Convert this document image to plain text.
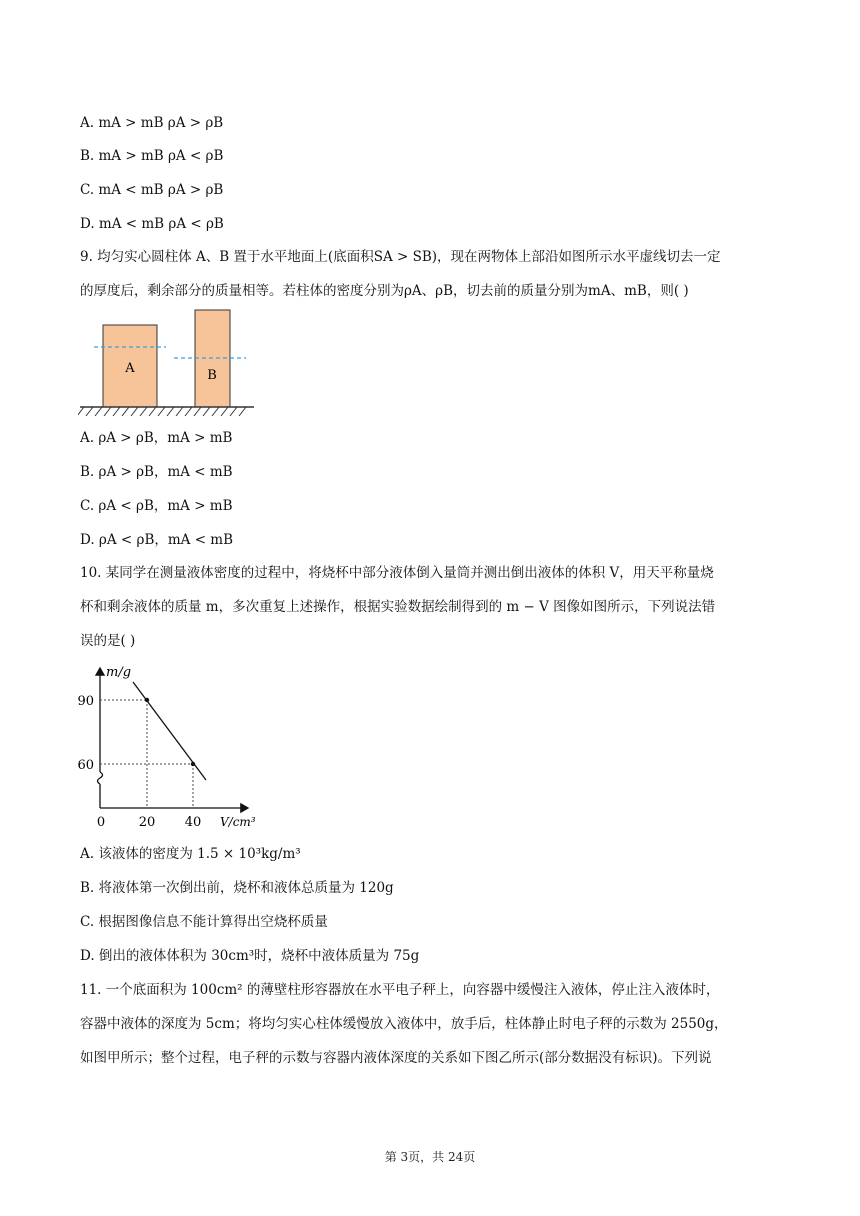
A. mA > mB ρA > ρB
B. mA > mB ρA < ρB
C. mA < mB ρA > ρB
D. mA < mB ρA < ρB
9. 均匀实心圆柱体 A、B 置于水平地面上(底面积SA > SB)，现在两物体上部沿如图所示水平虚线切去一定
的厚度后，剩余部分的质量相等。若柱体的密度分别为ρA、ρB，切去前的质量分别为mA、mB，则( )
A	B
A. ρA > ρB，mA > mB
B. ρA > ρB，mA < mB
C. ρA < ρB，mA > mB
D. ρA < ρB，mA < mB
10. 某同学在测量液体密度的过程中，将烧杯中部分液体倒入量筒并测出倒出液体的体积 V，用天平称量烧
杯和剩余液体的质量 m，多次重复上述操作，根据实验数据绘制得到的 m − V 图像如图所示，下列说法错
误的是( )
m/g
V/cm³
0	20 40
90
60
A. 该液体的密度为 1.5 × 10³kg/m³
B. 将液体第一次倒出前，烧杯和液体总质量为 120g
C. 根据图像信息不能计算得出空烧杯质量
D. 倒出的液体体积为 30cm³时，烧杯中液体质量为 75g
11. 一个底面积为 100cm² 的薄壁柱形容器放在水平电子秤上，向容器中缓慢注入液体，停止注入液体时，
容器中液体的深度为 5cm；将均匀实心柱体缓慢放入液体中，放手后，柱体静止时电子秤的示数为 2550g，
如图甲所示；整个过程，电子秤的示数与容器内液体深度的关系如下图乙所示(部分数据没有标识)。下列说
第 3页，共 24页
